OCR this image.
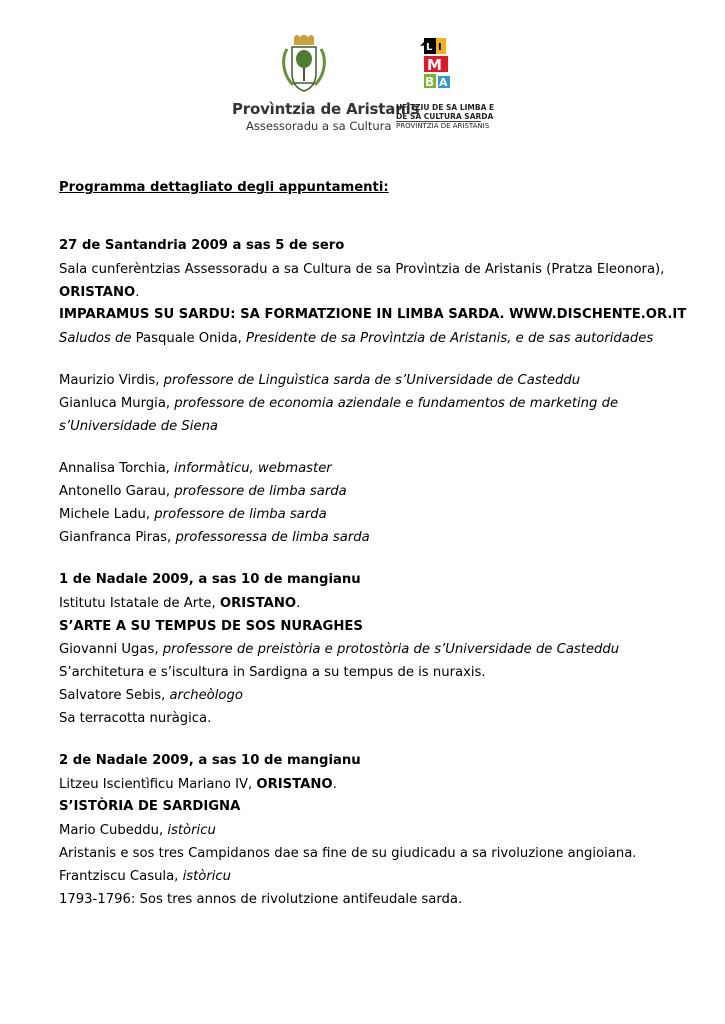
Provìntzia de Aristanis
Assessoradu a sa Cultura
I
L
M
B A
UFÌTZIU DE SA LIMBA E
DE SA CULTURA SARDA
PROVÌNTZIA DE ARISTANIS
Programma dettagliato degli appuntamenti:
27 de Santandria 2009 a sas 5 de sero
Sala cunferèntzias Assessoradu a sa Cultura de sa Provìntzia de Aristanis (Pratza Eleonora),
ORISTANO.
IMPARAMUS SU SARDU: SA FORMATZIONE IN LIMBA SARDA. WWW.DISCHENTE.OR.IT
Saludos de Pasquale Onida, Presidente de sa Provìntzia de Aristanis, e de sas autoridades
Maurizio Virdis, professore de Linguìstica sarda de s’Universidade de Casteddu
Gianluca Murgia, professore de economia aziendale e fundamentos de marketing de
s’Universidade de Siena
Annalisa Torchia, informàticu, webmaster
Antonello Garau, professore de limba sarda
Michele Ladu, professore de limba sarda
Gianfranca Piras, professoressa de limba sarda
1 de Nadale 2009, a sas 10 de mangianu
Istitutu Istatale de Arte, ORISTANO.
S’ARTE A SU TEMPUS DE SOS NURAGHES
Giovanni Ugas, professore de preistòria e protostòria de s’Universidade de Casteddu
S’architetura e s’iscultura in Sardigna a su tempus de is nuraxis.
Salvatore Sebis, archeòlogo
Sa terracotta nuràgica.
2 de Nadale 2009, a sas 10 de mangianu
Litzeu Iscientìficu Mariano IV, ORISTANO.
S’ISTÒRIA DE SARDIGNA
Mario Cubeddu, istòricu
Aristanis e sos tres Campidanos dae sa fine de su giudicadu a sa rivoluzione angioiana.
Frantziscu Casula, istòricu
1793-1796: Sos tres annos de rivolutzione antifeudale sarda.
